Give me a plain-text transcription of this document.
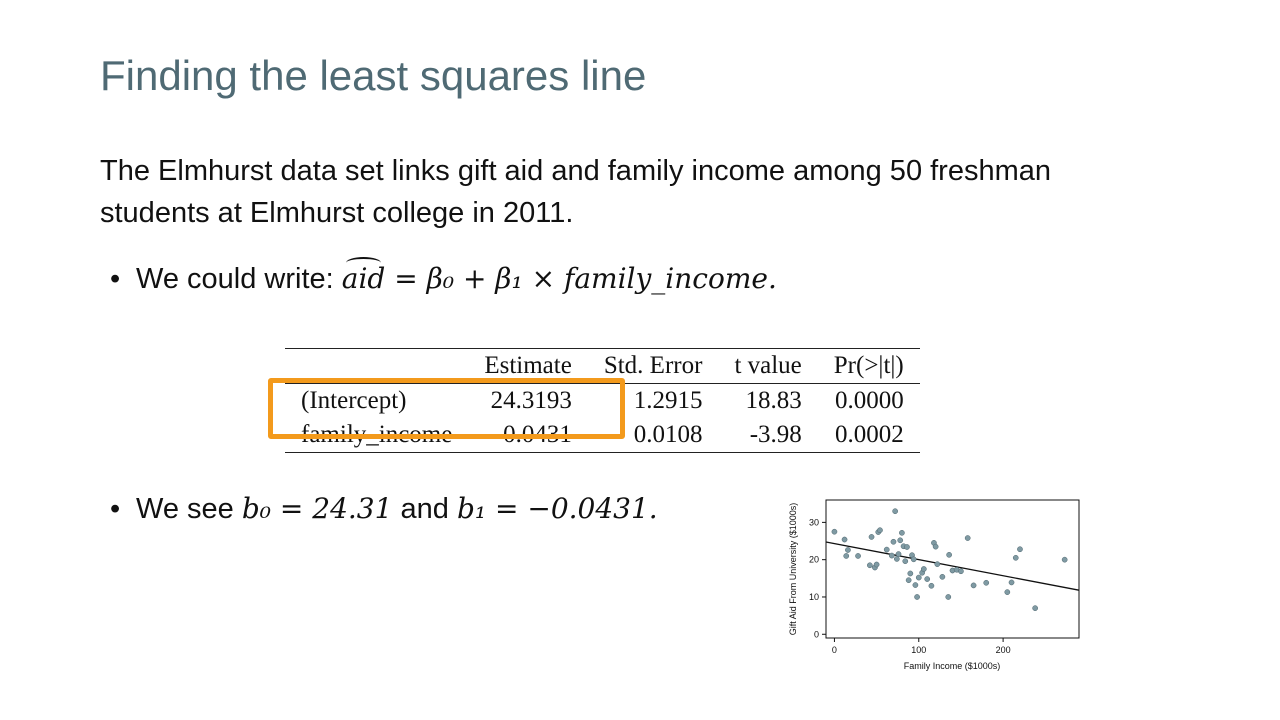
Finding the least squares line

The Elmhurst data set links gift aid and family income among 50 freshman students at Elmhurst college in 2011.

• We could write: aid = β₀ + β₁ × family_income.
	Estimate	Std. Error	t value	Pr(>|t|)
(Intercept)	24.3193	1.2915	18.83	0.0000
family_income	-0.0431	0.0108	-3.98	0.0002
• We see b₀ = 24.31 and b₁ = −0.0431.
0	100	200
0
10
20
30
Family Income ($1000s)
Gift Aid From University ($1000s)
